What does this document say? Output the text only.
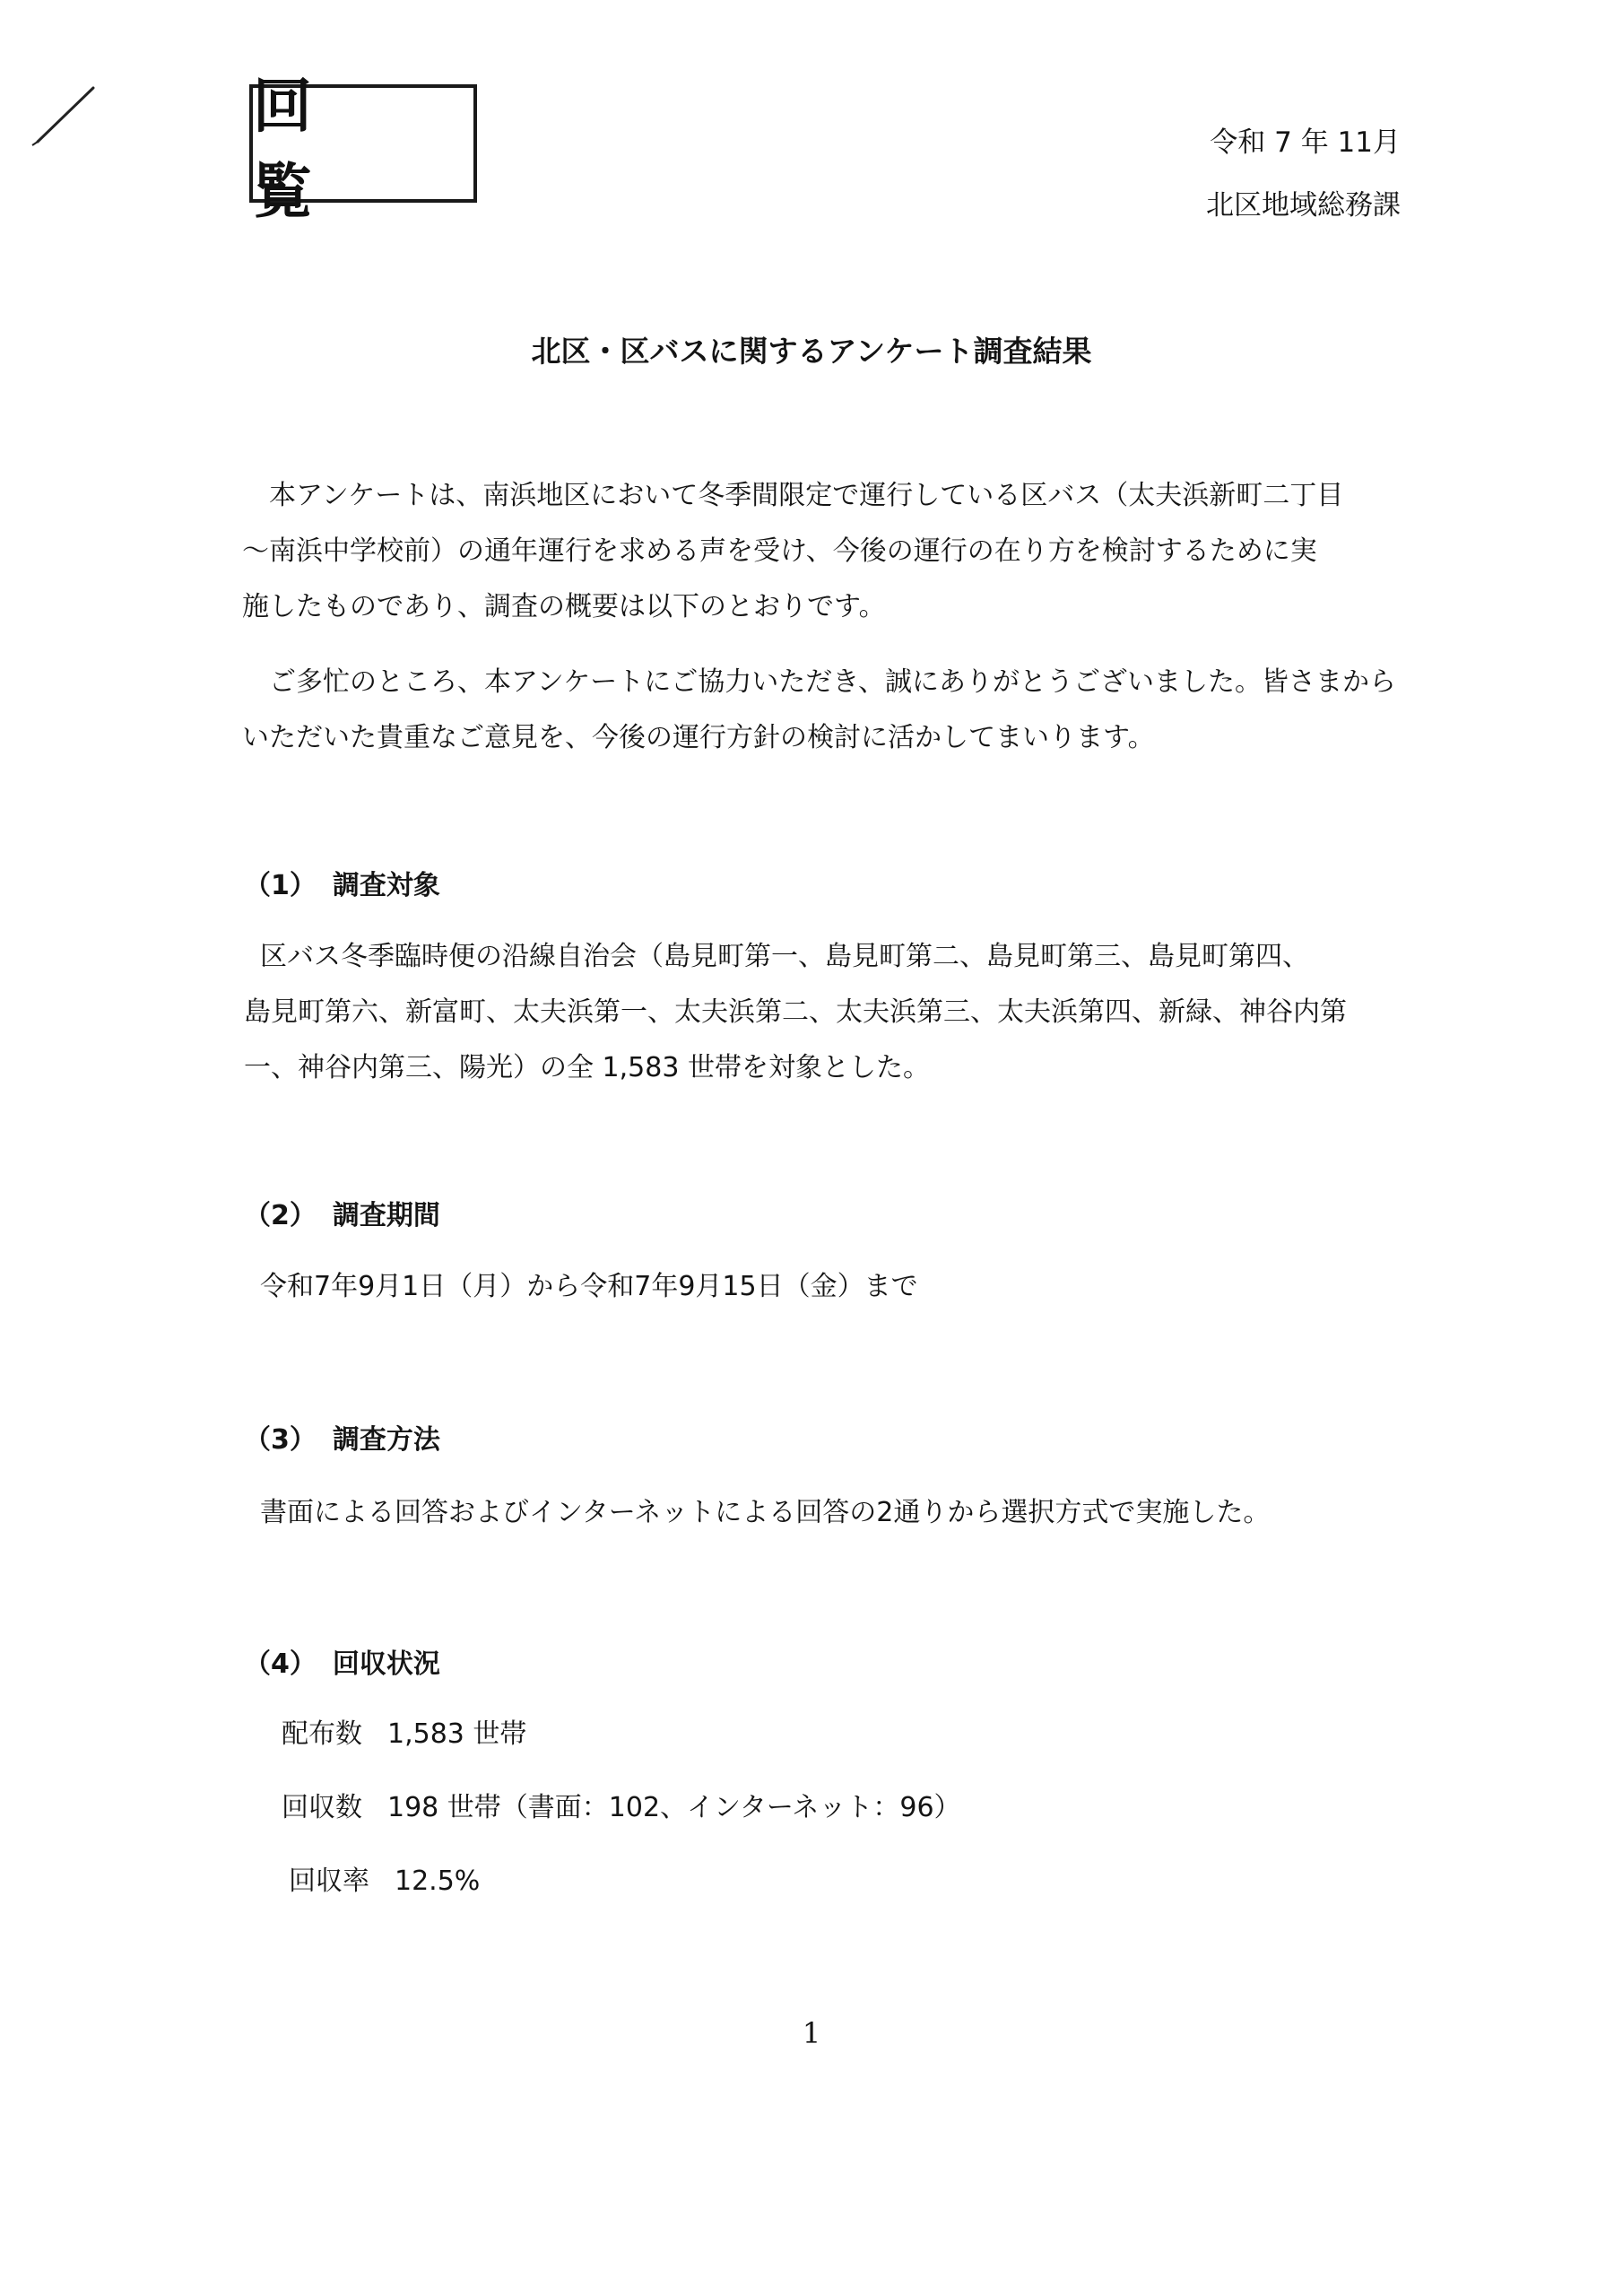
回 覧
令和 7 年 11月
北区地域総務課
北区・区バスに関するアンケート調査結果
本アンケートは、南浜地区において冬季間限定で運行している区バス（太夫浜新町二丁目
～南浜中学校前）の通年運行を求める声を受け、今後の運行の在り方を検討するために実
施したものであり、調査の概要は以下のとおりです。
ご多忙のところ、本アンケートにご協力いただき、誠にありがとうございました。皆さまから
いただいた貴重なご意見を、今後の運行方針の検討に活かしてまいります。
（1） 調査対象
区バス冬季臨時便の沿線自治会（島見町第一、島見町第二、島見町第三、島見町第四、
島見町第六、新富町、太夫浜第一、太夫浜第二、太夫浜第三、太夫浜第四、新緑、神谷内第
一、神谷内第三、陽光）の全 1,583 世帯を対象とした。
（2） 調査期間
令和7年9月1日（月）から令和7年9月15日（金）まで
（3） 調査方法
書面による回答およびインターネットによる回答の2通りから選択方式で実施した。
（4） 回収状況
配布数 1,583 世帯
回収数 198 世帯（書面：102、インターネット：96）
回収率 12.5%
1
